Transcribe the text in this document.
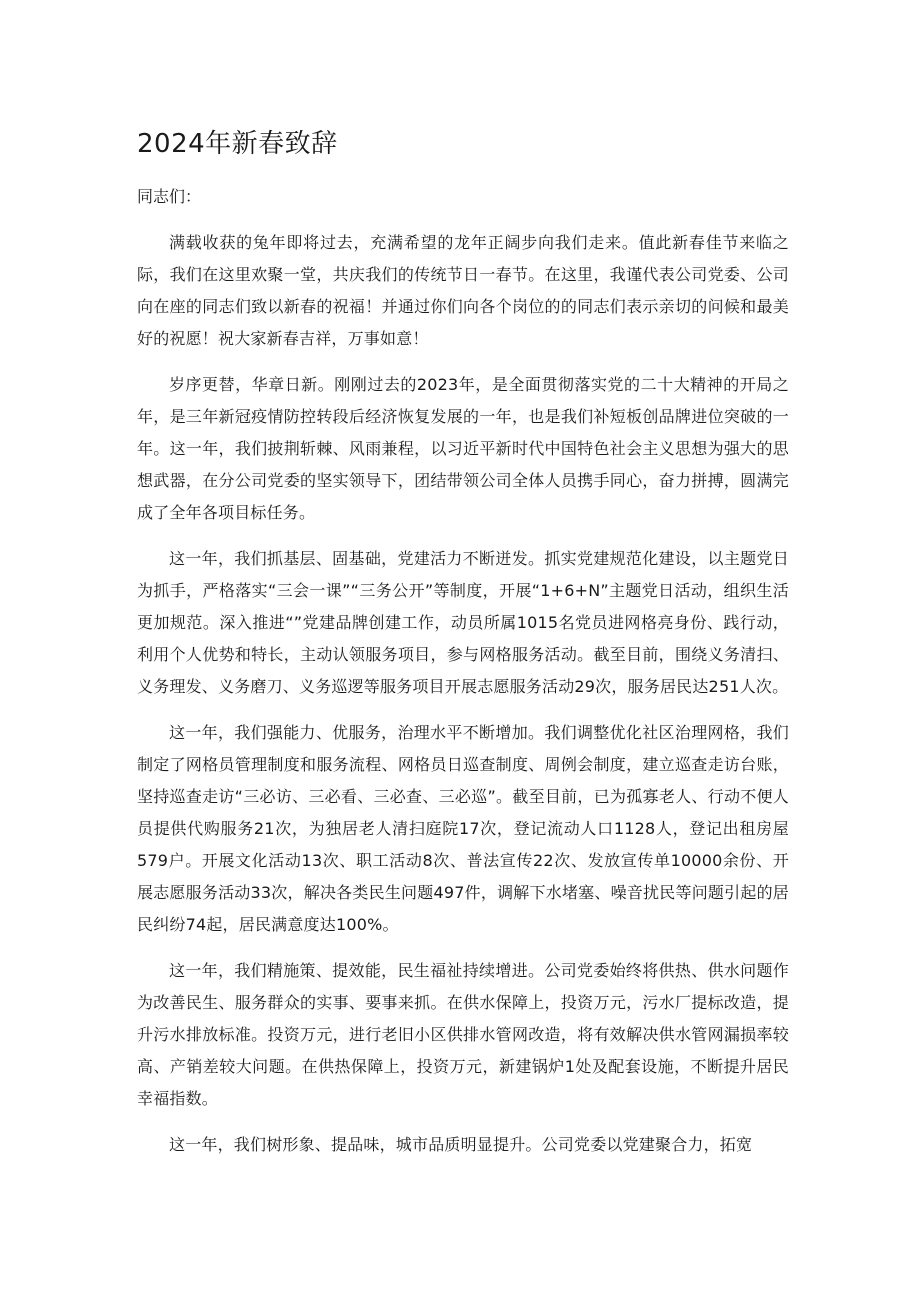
2024年新春致辞

同志们：

满载收获的兔年即将过去，充满希望的龙年正阔步向我们走来。值此新春佳节来临之际，我们在这里欢聚一堂，共庆我们的传统节日一春节。在这里，我谨代表公司党委、公司向在座的同志们致以新春的祝福！并通过你们向各个岗位的的同志们表示亲切的问候和最美好的祝愿！祝大家新春吉祥，万事如意！

岁序更替，华章日新。刚刚过去的2023年，是全面贯彻落实党的二十大精神的开局之年，是三年新冠疫情防控转段后经济恢复发展的一年，也是我们补短板创品牌进位突破的一年。这一年，我们披荆斩棘、风雨兼程，以习近平新时代中国特色社会主义思想为强大的思想武器，在分公司党委的坚实领导下，团结带领公司全体人员携手同心，奋力拼搏，圆满完成了全年各项目标任务。

这一年，我们抓基层、固基础，党建活力不断迸发。抓实党建规范化建设，以主题党日为抓手，严格落实“三会一课”“三务公开”等制度，开展“1+6+N”主题党日活动，组织生活更加规范。深入推进“”党建品牌创建工作，动员所属1015名党员进网格亮身份、践行动，利用个人优势和特长，主动认领服务项目，参与网格服务活动。截至目前，围绕义务清扫、义务理发、义务磨刀、义务巡逻等服务项目开展志愿服务活动29次，服务居民达251人次。

这一年，我们强能力、优服务，治理水平不断增加。我们调整优化社区治理网格，我们制定了网格员管理制度和服务流程、网格员日巡查制度、周例会制度，建立巡查走访台账，坚持巡查走访“三必访、三必看、三必查、三必巡”。截至目前，已为孤寡老人、行动不便人员提供代购服务21次，为独居老人清扫庭院17次，登记流动人口1128人，登记出租房屋579户。开展文化活动13次、职工活动8次、普法宣传22次、发放宣传单10000余份、开展志愿服务活动33次，解决各类民生问题497件，调解下水堵塞、噪音扰民等问题引起的居民纠纷74起，居民满意度达100%。

这一年，我们精施策、提效能，民生福祉持续增进。公司党委始终将供热、供水问题作为改善民生、服务群众的实事、要事来抓。在供水保障上，投资万元，污水厂提标改造，提升污水排放标准。投资万元，进行老旧小区供排水管网改造，将有效解决供水管网漏损率较高、产销差较大问题。在供热保障上，投资万元，新建锅炉1处及配套设施，不断提升居民幸福指数。

这一年，我们树形象、提品味，城市品质明显提升。公司党委以党建聚合力，拓宽
